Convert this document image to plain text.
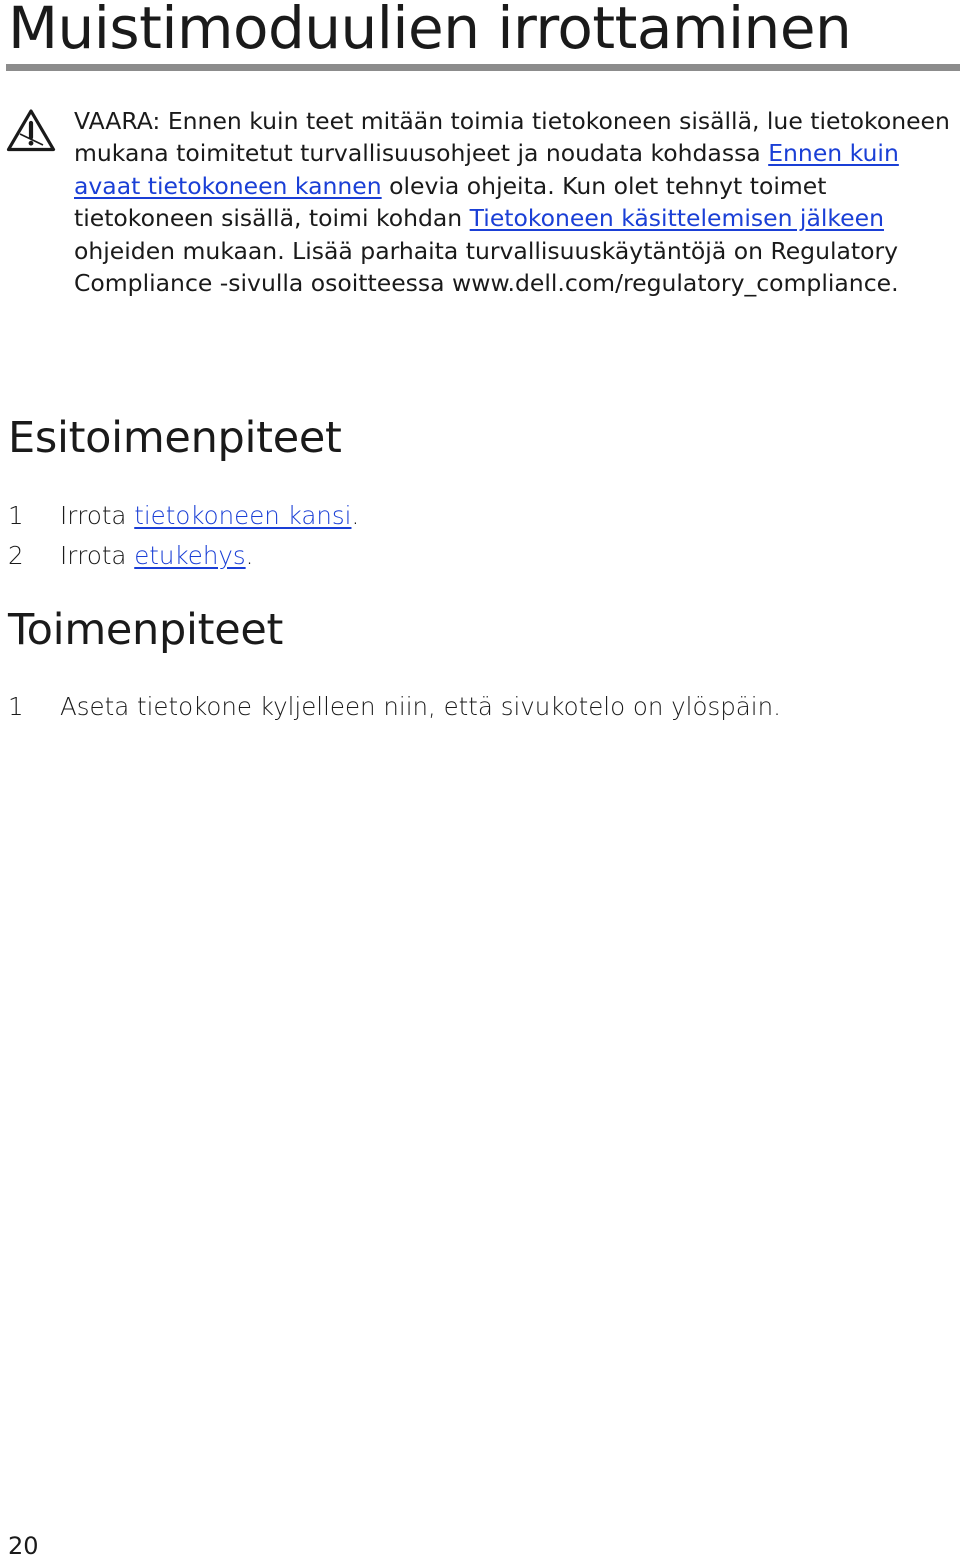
Muistimoduulien irrottaminen

VAARA: Ennen kuin teet mitään toimia tietokoneen sisällä, lue tietokoneen mukana toimitetut turvallisuusohjeet ja noudata kohdassa Ennen kuin avaat tietokoneen kannen olevia ohjeita. Kun olet tehnyt toimet tietokoneen sisällä, toimi kohdan Tietokoneen käsittelemisen jälkeen ohjeiden mukaan. Lisää parhaita turvallisuuskäytäntöjä on Regulatory Compliance -sivulla osoitteessa www.dell.com/regulatory_compliance.

Esitoimenpiteet
1 Irrota tietokoneen kansi.
2 Irrota etukehys.
Toimenpiteet
1 Aseta tietokone kyljelleen niin, että sivukotelo on ylöspäin.
20
